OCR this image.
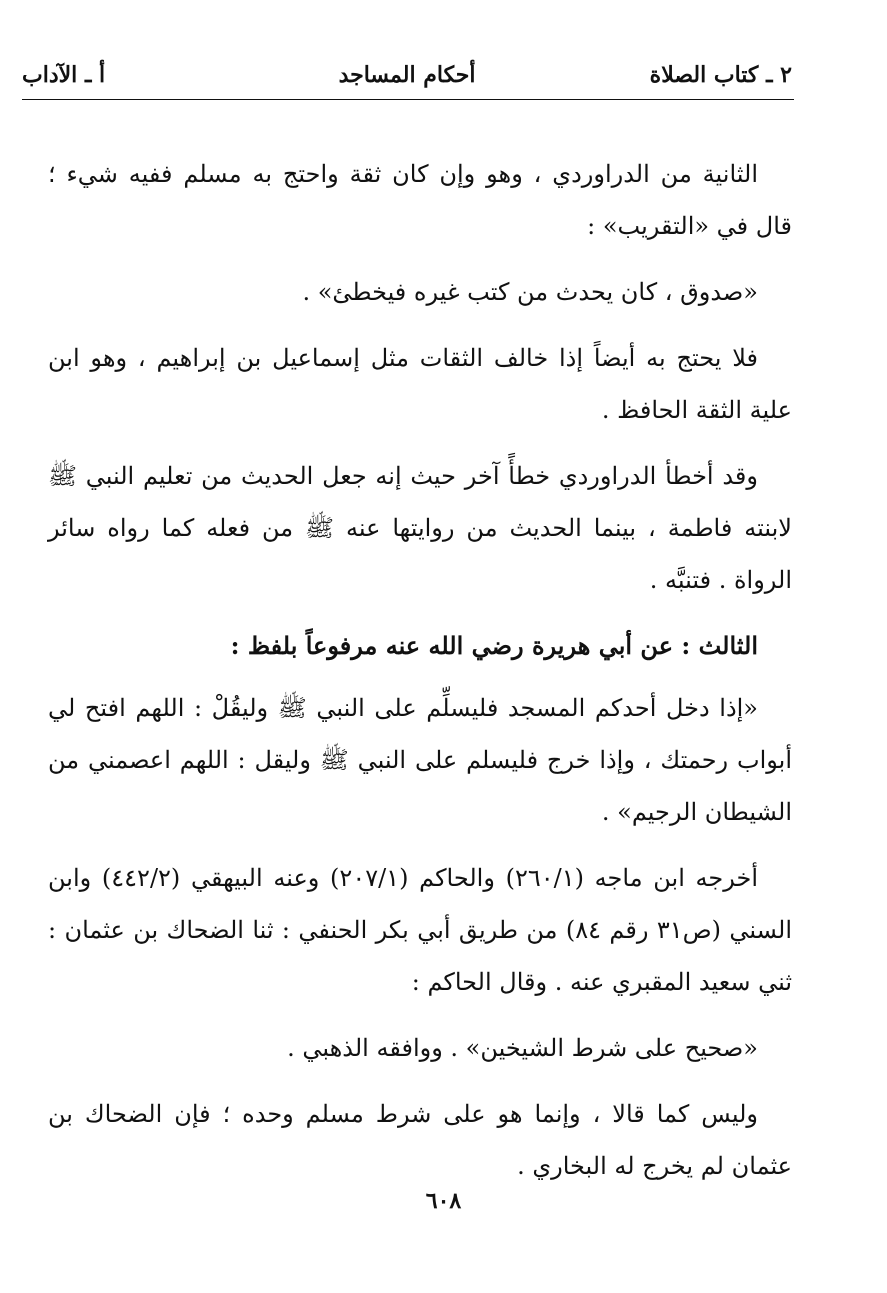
٢ ـ كتاب الصلاة
أحكام المساجد
أ ـ الآداب

الثانية من الدراوردي ، وهو وإن كان ثقة واحتج به مسلم ففيه شيء ؛ قال في «التقريب» :

«صدوق ، كان يحدث من كتب غيره فيخطئ» .

فلا يحتج به أيضاً إذا خالف الثقات مثل إسماعيل بن إبراهيم ، وهو ابن علية الثقة الحافظ .

وقد أخطأ الدراوردي خطأً آخر حيث إنه جعل الحديث من تعليم النبي ﷺ لابنته فاطمة ، بينما الحديث من روايتها عنه ﷺ من فعله كما رواه سائر الرواة . فتنبَّه .

الثالث : عن أبي هريرة رضي الله عنه مرفوعاً بلفظ :

«إذا دخل أحدكم المسجد فليسلِّم على النبي ﷺ وليقُلْ : اللهم افتح لي أبواب رحمتك ، وإذا خرج فليسلم على النبي ﷺ وليقل : اللهم اعصمني من الشيطان الرجيم» .

أخرجه ابن ماجه (٢٦٠/١) والحاكم (٢٠٧/١) وعنه البيهقي (٤٤٢/٢) وابن السني (ص٣١ رقم ٨٤) من طريق أبي بكر الحنفي : ثنا الضحاك بن عثمان : ثني سعيد المقبري عنه . وقال الحاكم :

«صحيح على شرط الشيخين» . ووافقه الذهبي .

وليس كما قالا ، وإنما هو على شرط مسلم وحده ؛ فإن الضحاك بن عثمان لم يخرج له البخاري .

٦٠٨
